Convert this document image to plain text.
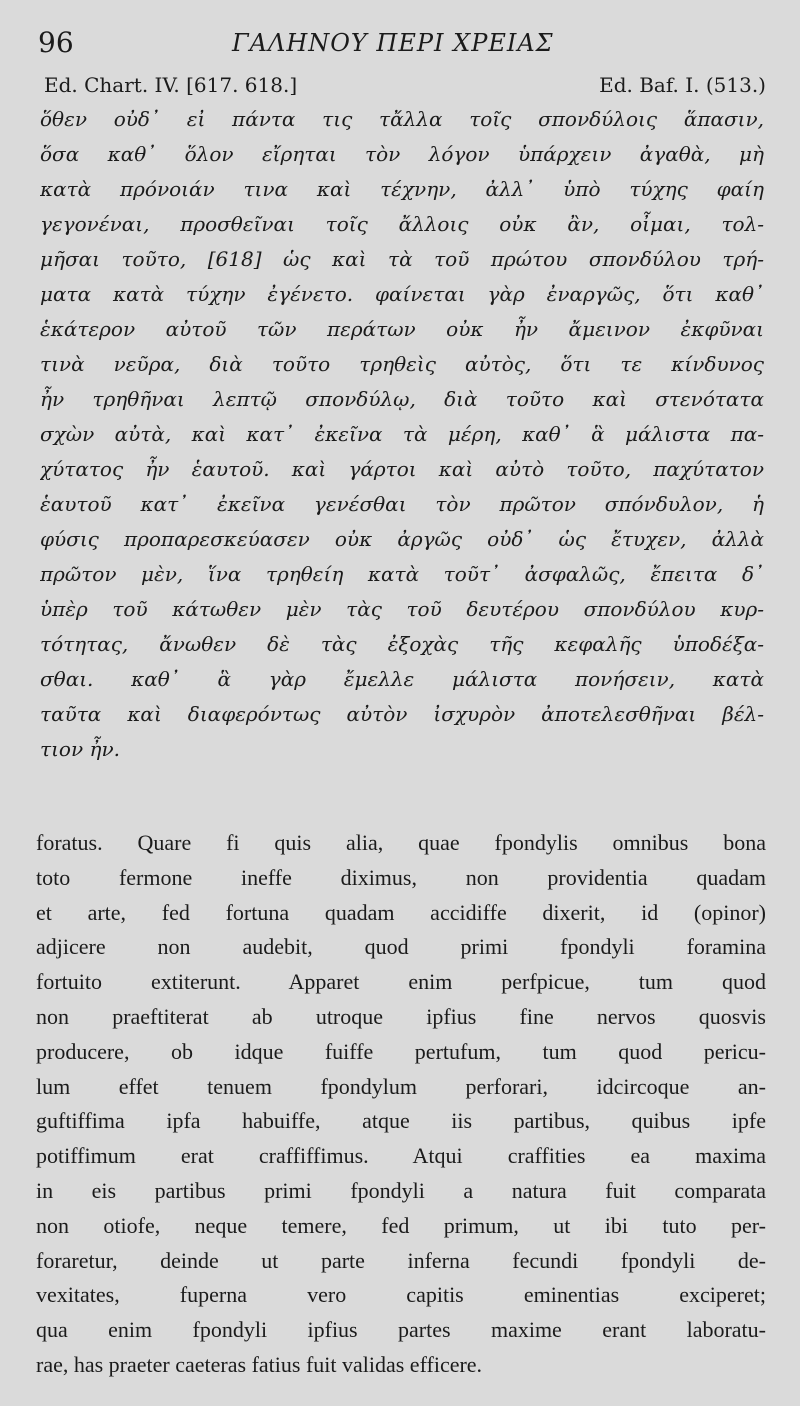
96	ΓΑΛΗΝΟΥ ΠΕΡΙ ΧΡΕΙΑΣ
Ed. Chart. IV. [617. 618.]	Ed. Baf. I. (513.)
ὅθεν οὐδ᾿ εἰ πάντα τις τἄλλα τοῖς σπονδύλοις ἅπασιν,
ὅσα καθ᾿ ὅλον εἴρηται τὸν λόγον ὑπάρχειν ἀγαθὰ, μὴ
κατὰ πρόνοιάν τινα καὶ τέχνην, ἀλλ᾿ ὑπὸ τύχης φαίη
γεγονέναι, προσθεῖναι τοῖς ἄλλοις οὐκ ἂν, οἶμαι, τολ-
μῆσαι τοῦτο, [618] ὡς καὶ τὰ τοῦ πρώτου σπονδύλου τρή-
ματα κατὰ τύχην ἐγένετο. φαίνεται γὰρ ἐναργῶς, ὅτι καθ᾿
ἑκάτερον αὐτοῦ τῶν περάτων οὐκ ἦν ἄμεινον ἐκφῦναι
τινὰ νεῦρα, διὰ τοῦτο τρηθεὶς αὐτὸς, ὅτι τε κίνδυνος
ἦν τρηθῆναι λεπτῷ σπονδύλῳ, διὰ τοῦτο καὶ στενότατα
σχὼν αὐτὰ, καὶ κατ᾿ ἐκεῖνα τὰ μέρη, καθ᾿ ἃ μάλιστα πα-
χύτατος ἦν ἑαυτοῦ. καὶ γάρτοι καὶ αὐτὸ τοῦτο, παχύτατον
ἑαυτοῦ κατ᾿ ἐκεῖνα γενέσθαι τὸν πρῶτον σπόνδυλον, ἡ
φύσις προπαρεσκεύασεν οὐκ ἀργῶς οὐδ᾿ ὡς ἔτυχεν, ἀλλὰ
πρῶτον μὲν, ἵνα τρηθείη κατὰ τοῦτ᾿ ἀσφαλῶς, ἔπειτα δ᾿
ὑπὲρ τοῦ κάτωθεν μὲν τὰς τοῦ δευτέρου σπονδύλου κυρ-
τότητας, ἄνωθεν δὲ τὰς ἐξοχὰς τῆς κεφαλῆς ὑποδέξα-
σθαι. καθ᾿ ἃ γὰρ ἔμελλε μάλιστα πονήσειν, κατὰ
ταῦτα καὶ διαφερόντως αὐτὸν ἰσχυρὸν ἀποτελεσθῆναι βέλ-
τιον ἦν.
foratus. Quare fi quis alia, quae fpondylis omnibus bona
toto fermone ineffe diximus, non providentia quadam
et arte, fed fortuna quadam accidiffe dixerit, id (opinor)
adjicere non audebit, quod primi fpondyli foramina
fortuito extiterunt. Apparet enim perfpicue, tum quod
non praeftiterat ab utroque ipfius fine nervos quosvis
producere, ob idque fuiffe pertufum, tum quod pericu-
lum effet tenuem fpondylum perforari, idcircoque an-
guftiffima ipfa habuiffe, atque iis partibus, quibus ipfe
potiffimum erat craffiffimus. Atqui craffities ea maxima
in eis partibus primi fpondyli a natura fuit comparata
non otiofe, neque temere, fed primum, ut ibi tuto per-
foraretur, deinde ut parte inferna fecundi fpondyli de-
vexitates, fuperna vero capitis eminentias exciperet;
qua enim fpondyli ipfius partes maxime erant laboratu-
rae, has praeter caeteras fatius fuit validas efficere.
